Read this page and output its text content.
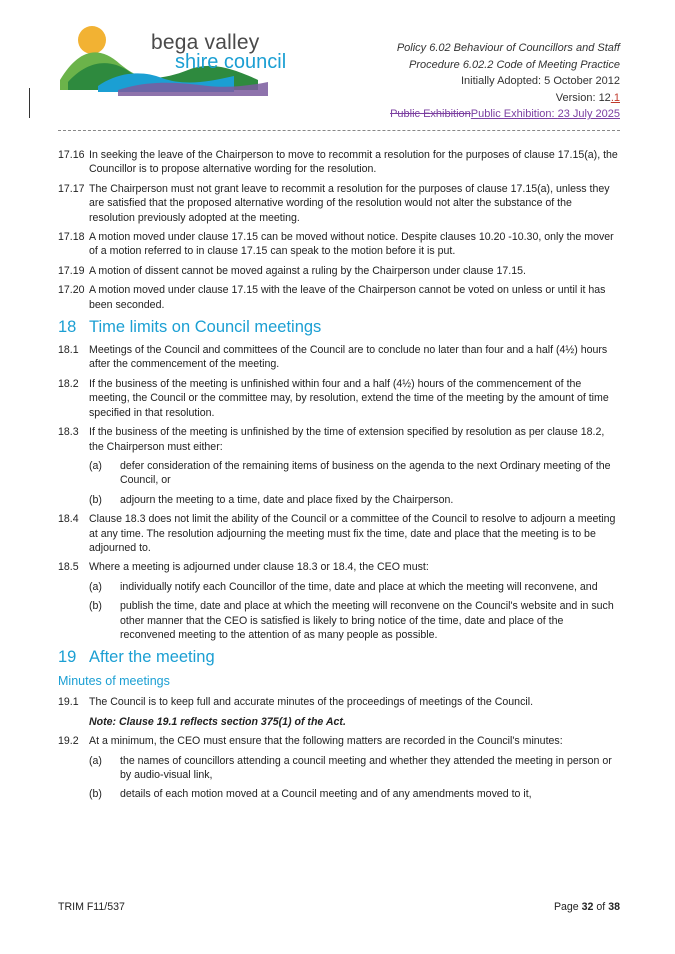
bega valley
shire council
Policy 6.02 Behaviour of Councillors and Staff
Procedure 6.02.2 Code of Meeting Practice
Initially Adopted: 5 October 2012
Version: 12.1
Public ExhibitionPublic Exhibition: 23 July 2025
17.16 In seeking the leave of the Chairperson to move to recommit a resolution for the purposes of clause 17.15(a), the Councillor is to propose alternative wording for the resolution.
17.17 The Chairperson must not grant leave to recommit a resolution for the purposes of clause 17.15(a), unless they are satisfied that the proposed alternative wording of the resolution would not alter the substance of the resolution previously adopted at the meeting.
17.18 A motion moved under clause 17.15 can be moved without notice. Despite clauses 10.20 -10.30, only the mover of a motion referred to in clause 17.15 can speak to the motion before it is put.
17.19 A motion of dissent cannot be moved against a ruling by the Chairperson under clause 17.15.
17.20 A motion moved under clause 17.15 with the leave of the Chairperson cannot be voted on unless or until it has been seconded.
18 Time limits on Council meetings
18.1 Meetings of the Council and committees of the Council are to conclude no later than four and a half (4½) hours after the commencement of the meeting.
18.2 If the business of the meeting is unfinished within four and a half (4½) hours of the commencement of the meeting, the Council or the committee may, by resolution, extend the time of the meeting by the amount of time specified in that resolution.
18.3 If the business of the meeting is unfinished by the time of extension specified by resolution as per clause 18.2, the Chairperson must either:
(a)	defer consideration of the remaining items of business on the agenda to the next Ordinary meeting of the Council, or
(b)	adjourn the meeting to a time, date and place fixed by the Chairperson.
18.4 Clause 18.3 does not limit the ability of the Council or a committee of the Council to resolve to adjourn a meeting at any time. The resolution adjourning the meeting must fix the time, date and place that the meeting is to be adjourned to.
18.5 Where a meeting is adjourned under clause 18.3 or 18.4, the CEO must:
(a)	individually notify each Councillor of the time, date and place at which the meeting will reconvene, and
(b)	publish the time, date and place at which the meeting will reconvene on the Council's website and in such other manner that the CEO is satisfied is likely to bring notice of the time, date and place of the reconvened meeting to the attention of as many people as possible.
19 After the meeting
Minutes of meetings
19.1 The Council is to keep full and accurate minutes of the proceedings of meetings of the Council.
Note: Clause 19.1 reflects section 375(1) of the Act.
19.2 At a minimum, the CEO must ensure that the following matters are recorded in the Council's minutes:
(a)	the names of councillors attending a council meeting and whether they attended the meeting in person or by audio-visual link,
(b)	details of each motion moved at a Council meeting and of any amendments moved to it,
TRIM F11/537	Page 32 of 38
